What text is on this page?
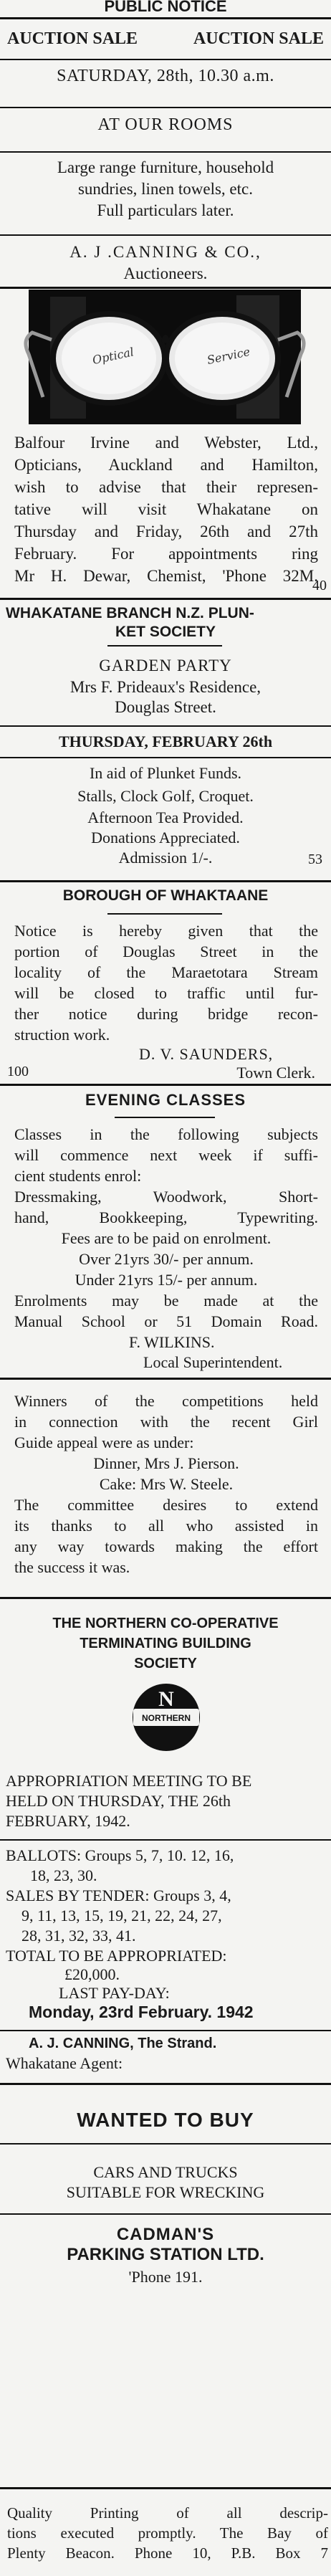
PUBLIC NOTICE
AUCTION SALE	AUCTION SALE
SATURDAY, 28th, 10.30 a.m.
AT OUR ROOMS
Large range furniture, household
sundries, linen towels, etc.
Full particulars later.
A. J .CANNING & CO.,
Auctioneers.
Optical	Service
Balfour Irvine and Webster, Ltd.,
Opticians, Auckland and Hamilton,
wish to advise that their represen-
tative will visit Whakatane on
Thursday and Friday, 26th and 27th
February. For appointments ring
Mr H. Dewar, Chemist, 'Phone 32M.
40
WHAKATANE BRANCH N.Z. PLUN-
KET SOCIETY
GARDEN PARTY
Mrs F. Prideaux's Residence,
Douglas Street.
THURSDAY, FEBRUARY 26th
In aid of Plunket Funds.
Stalls, Clock Golf, Croquet.
Afternoon Tea Provided.
Donations Appreciated.
Admission 1/-.	53
BOROUGH OF WHAKTAANE
Notice is hereby given that the
portion of Douglas Street in the
locality of the Maraetotara Stream
will be closed to traffic until fur-
ther notice during bridge recon-
struction work.
D. V. SAUNDERS,
100	Town Clerk.
EVENING CLASSES
Classes in the following subjects
will commence next week if suffi-
cient students enrol:
Dressmaking, Woodwork, Short-
hand, Bookkeeping, Typewriting.
Fees are to be paid on enrolment.
Over 21yrs 30/- per annum.
Under 21yrs 15/- per annum.
Enrolments may be made at the
Manual School or 51 Domain Road.
F. WILKINS.
Local Superintendent.
Winners of the competitions held
in connection with the recent Girl
Guide appeal were as under:
Dinner, Mrs J. Pierson.
Cake: Mrs W. Steele.
The committee desires to extend
its thanks to all who assisted in
any way towards making the effort
the success it was.
THE NORTHERN CO-OPERATIVE
TERMINATING BUILDING
SOCIETY
NORTHERN
N
APPROPRIATION MEETING TO BE
HELD ON THURSDAY, THE 26th
FEBRUARY, 1942.
BALLOTS: Groups 5, 7, 10. 12, 16,
18, 23, 30.
SALES BY TENDER: Groups 3, 4,
9, 11, 13, 15, 19, 21, 22, 24, 27,
28, 31, 32, 33, 41.
TOTAL TO BE APPROPRIATED:
£20,000.
LAST PAY-DAY:
Monday, 23rd February. 1942
A. J. CANNING, The Strand.
Whakatane Agent:
WANTED TO BUY
CARS AND TRUCKS
SUITABLE FOR WRECKING
CADMAN'S
PARKING STATION LTD.
'Phone 191.
Quality Printing of all descrip-
tions executed promptly. The Bay of
Plenty Beacon. Phone 10, P.B. Box 7
